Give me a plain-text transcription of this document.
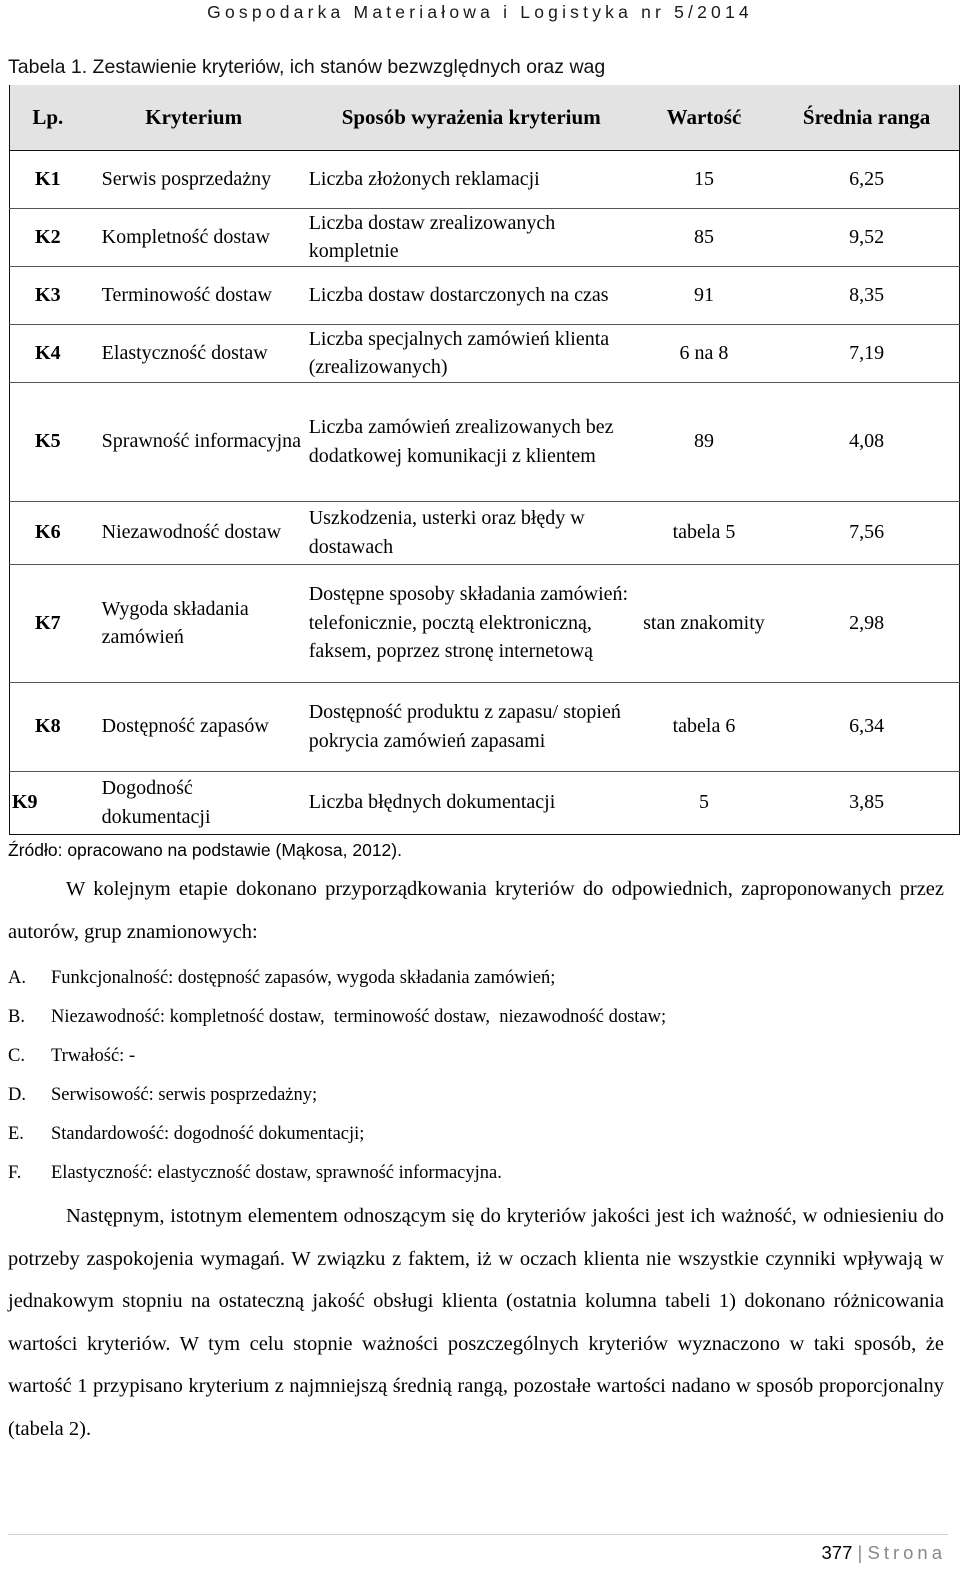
Gospodarka Materiałowa i Logistyka nr 5/2014
Tabela 1. Zestawienie kryteriów, ich stanów bezwzględnych oraz wag
Lp.	Kryterium	Sposób wyrażenia kryterium	Wartość	Średnia ranga
K1	Serwis posprzedażny	Liczba złożonych reklamacji	15	6,25
K2	Kompletność dostaw	Liczba dostaw zrealizowanych kompletnie	85	9,52
K3	Terminowość dostaw	Liczba dostaw dostarczonych na czas	91	8,35
K4	Elastyczność dostaw	Liczba specjalnych zamówień klienta (zrealizowanych)	6 na 8	7,19
K5	Sprawność informacyjna	Liczba zamówień zrealizowanych bez dodatkowej komunikacji z klientem	89	4,08
K6	Niezawodność dostaw	Uszkodzenia, usterki oraz błędy w dostawach	tabela 5	7,56
K7	Wygoda składania zamówień	Dostępne sposoby składania zamówień: telefonicznie, pocztą elektroniczną, faksem, poprzez stronę internetową	stan znakomity	2,98
K8	Dostępność zapasów	Dostępność produktu z zapasu/ stopień pokrycia zamówień zapasami	tabela 6	6,34
K9	Dogodność dokumentacji	Liczba błędnych dokumentacji	5	3,85
Źródło: opracowano na podstawie (Mąkosa, 2012).
W kolejnym etapie dokonano przyporządkowania kryteriów do odpowiednich, zaproponowanych przez autorów, grup znamionowych:
A.	Funkcjonalność: dostępność zapasów, wygoda składania zamówień;
B.	Niezawodność: kompletność dostaw,  terminowość dostaw,  niezawodność dostaw;
C.	Trwałość: -
D.	Serwisowość: serwis posprzedażny;
E.	Standardowość: dogodność dokumentacji;
F.	Elastyczność: elastyczność dostaw, sprawność informacyjna.
Następnym, istotnym elementem odnoszącym się do kryteriów jakości jest ich ważność, w odniesieniu do potrzeby zaspokojenia wymagań. W związku z faktem, iż w oczach klienta nie wszystkie czynniki wpływają w jednakowym stopniu na ostateczną jakość obsługi klienta (ostatnia kolumna tabeli 1) dokonano różnicowania wartości kryteriów. W tym celu stopnie ważności poszczególnych kryteriów wyznaczono w taki sposób, że wartość 1 przypisano kryterium z najmniejszą średnią rangą, pozostałe wartości nadano w sposób proporcjonalny (tabela 2).
377 | Strona
